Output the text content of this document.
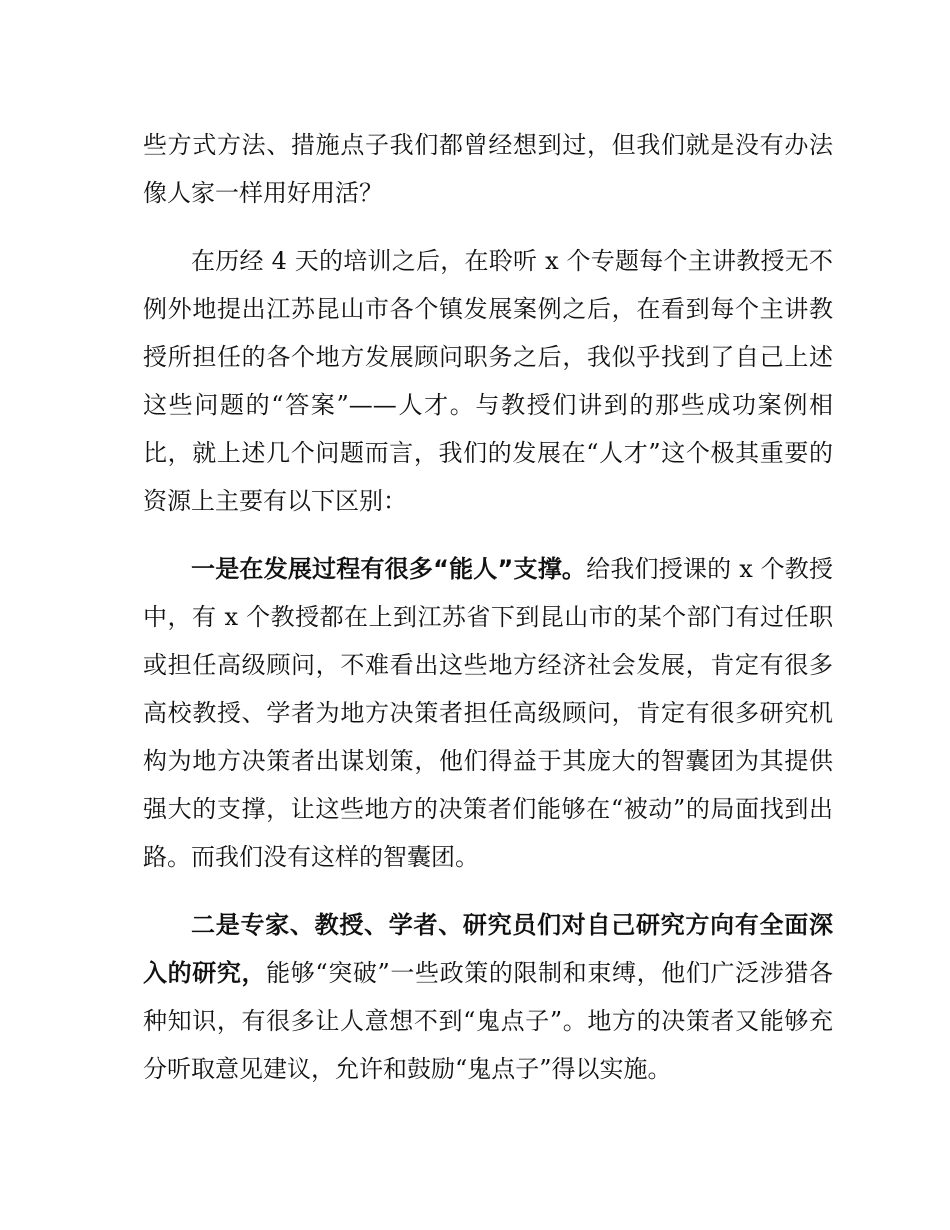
些方式方法、措施点子我们都曾经想到过，但我们就是没有办法像人家一样用好用活？

在历经 4 天的培训之后，在聆听 x 个专题每个主讲教授无不例外地提出江苏昆山市各个镇发展案例之后，在看到每个主讲教授所担任的各个地方发展顾问职务之后，我似乎找到了自己上述这些问题的“答案”——人才。与教授们讲到的那些成功案例相比，就上述几个问题而言，我们的发展在“人才”这个极其重要的资源上主要有以下区别：

一是在发展过程有很多“能人”支撑。给我们授课的 x 个教授中，有 x 个教授都在上到江苏省下到昆山市的某个部门有过任职或担任高级顾问，不难看出这些地方经济社会发展，肯定有很多高校教授、学者为地方决策者担任高级顾问，肯定有很多研究机构为地方决策者出谋划策，他们得益于其庞大的智囊团为其提供强大的支撑，让这些地方的决策者们能够在“被动”的局面找到出路。而我们没有这样的智囊团。

二是专家、教授、学者、研究员们对自己研究方向有全面深入的研究，能够“突破”一些政策的限制和束缚，他们广泛涉猎各种知识，有很多让人意想不到“鬼点子”。地方的决策者又能够充分听取意见建议，允许和鼓励“鬼点子”得以实施。
